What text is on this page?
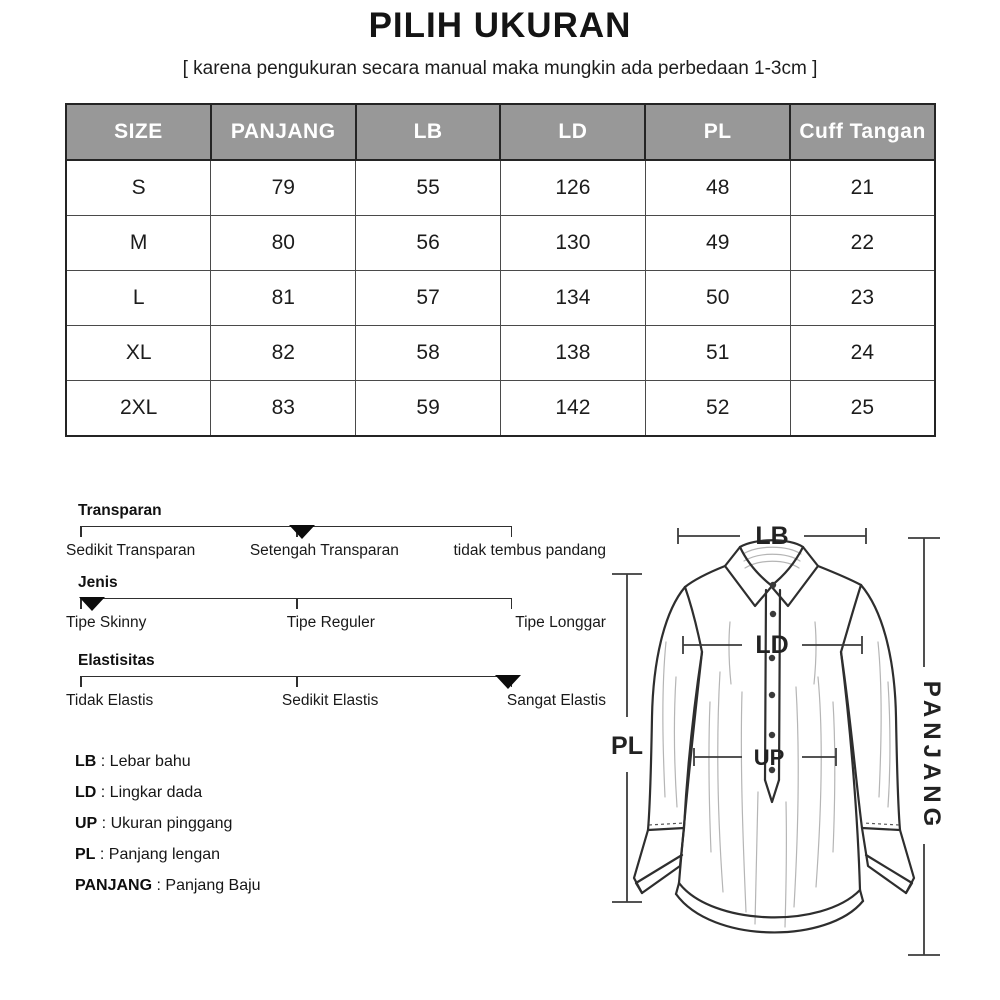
PILIH UKURAN
[ karena pengukuran secara manual maka mungkin ada perbedaan 1-3cm ]
SIZE	PANJANG	LB	LD	PL	Cuff Tangan
S	79	55	126	48	21
M	80	56	130	49	22
L	81	57	134	50	23
XL	82	58	138	51	24
2XL	83	59	142	52	25
Transparan
Sedikit Transparan	Setengah Transparan	tidak tembus pandang
Jenis
Tipe Skinny	Tipe Reguler	Tipe Longgar
Elastisitas
Tidak Elastis	Sedikit Elastis	Sangat Elastis
LB : Lebar bahu
LD : Lingkar dada
UP : Ukuran pinggang
PL : Panjang lengan
PANJANG : Panjang Baju
LB
LD
UP
PL	PANJANG
